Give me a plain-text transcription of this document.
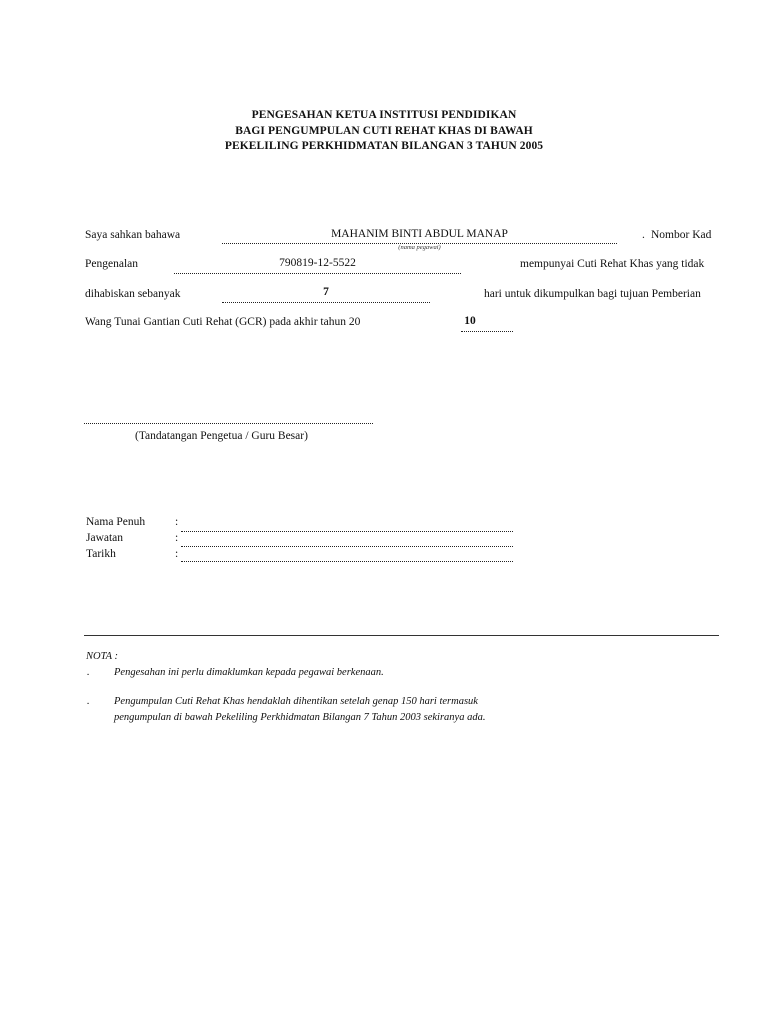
PENGESAHAN KETUA INSTITUSI PENDIDIKAN
BAGI PENGUMPULAN CUTI REHAT KHAS DI BAWAH
PEKELILING PERKHIDMATAN BILANGAN 3 TAHUN 2005
Saya sahkan bahawa	MAHANIM BINTI ABDUL MANAP
(nama pegawai)
. Nombor Kad
Pengenalan	790819-12-5522	mempunyai Cuti Rehat Khas yang tidak
dihabiskan sebanyak	7	hari untuk dikumpulkan bagi tujuan Pemberian
Wang Tunai Gantian Cuti Rehat (GCR) pada akhir tahun 20	10
(Tandatangan Pengetua / Guru Besar)
Nama Penuh	:
Jawatan	:
Tarikh	:
NOTA :
. Pengesahan ini perlu dimaklumkan kepada pegawai berkenaan.
. Pengumpulan Cuti Rehat Khas hendaklah dihentikan setelah genap 150 hari termasuk
pengumpulan di bawah Pekeliling Perkhidmatan Bilangan 7 Tahun 2003 sekiranya ada.
